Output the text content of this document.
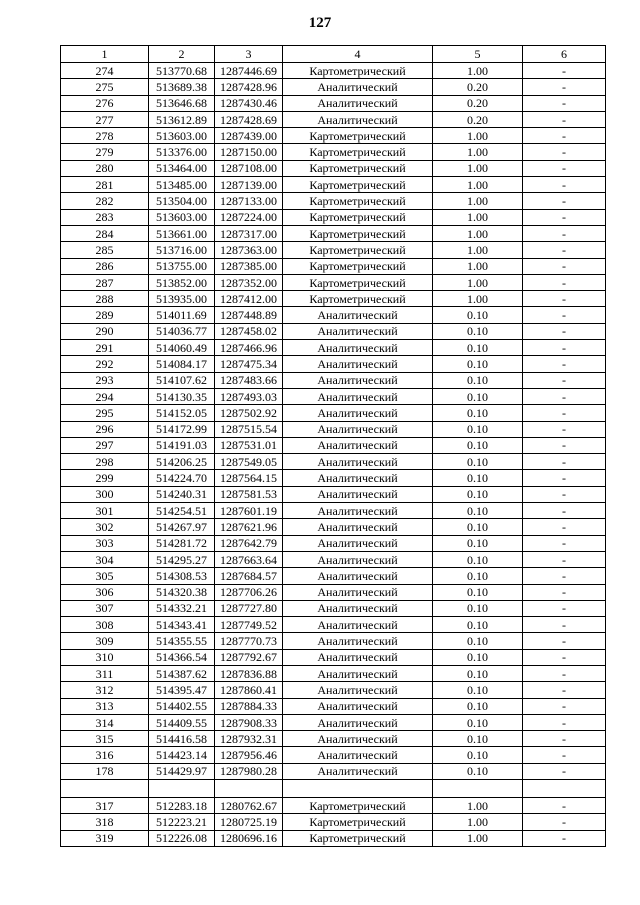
127
1	2	3	4	5	6
274	513770.68	1287446.69	Картометрический	1.00	-
275	513689.38	1287428.96	Аналитический	0.20	-
276	513646.68	1287430.46	Аналитический	0.20	-
277	513612.89	1287428.69	Аналитический	0.20	-
278	513603.00	1287439.00	Картометрический	1.00	-
279	513376.00	1287150.00	Картометрический	1.00	-
280	513464.00	1287108.00	Картометрический	1.00	-
281	513485.00	1287139.00	Картометрический	1.00	-
282	513504.00	1287133.00	Картометрический	1.00	-
283	513603.00	1287224.00	Картометрический	1.00	-
284	513661.00	1287317.00	Картометрический	1.00	-
285	513716.00	1287363.00	Картометрический	1.00	-
286	513755.00	1287385.00	Картометрический	1.00	-
287	513852.00	1287352.00	Картометрический	1.00	-
288	513935.00	1287412.00	Картометрический	1.00	-
289	514011.69	1287448.89	Аналитический	0.10	-
290	514036.77	1287458.02	Аналитический	0.10	-
291	514060.49	1287466.96	Аналитический	0.10	-
292	514084.17	1287475.34	Аналитический	0.10	-
293	514107.62	1287483.66	Аналитический	0.10	-
294	514130.35	1287493.03	Аналитический	0.10	-
295	514152.05	1287502.92	Аналитический	0.10	-
296	514172.99	1287515.54	Аналитический	0.10	-
297	514191.03	1287531.01	Аналитический	0.10	-
298	514206.25	1287549.05	Аналитический	0.10	-
299	514224.70	1287564.15	Аналитический	0.10	-
300	514240.31	1287581.53	Аналитический	0.10	-
301	514254.51	1287601.19	Аналитический	0.10	-
302	514267.97	1287621.96	Аналитический	0.10	-
303	514281.72	1287642.79	Аналитический	0.10	-
304	514295.27	1287663.64	Аналитический	0.10	-
305	514308.53	1287684.57	Аналитический	0.10	-
306	514320.38	1287706.26	Аналитический	0.10	-
307	514332.21	1287727.80	Аналитический	0.10	-
308	514343.41	1287749.52	Аналитический	0.10	-
309	514355.55	1287770.73	Аналитический	0.10	-
310	514366.54	1287792.67	Аналитический	0.10	-
311	514387.62	1287836.88	Аналитический	0.10	-
312	514395.47	1287860.41	Аналитический	0.10	-
313	514402.55	1287884.33	Аналитический	0.10	-
314	514409.55	1287908.33	Аналитический	0.10	-
315	514416.58	1287932.31	Аналитический	0.10	-
316	514423.14	1287956.46	Аналитический	0.10	-
178	514429.97	1287980.28	Аналитический	0.10	-

317	512283.18	1280762.67	Картометрический	1.00	-
318	512223.21	1280725.19	Картометрический	1.00	-
319	512226.08	1280696.16	Картометрический	1.00	-
